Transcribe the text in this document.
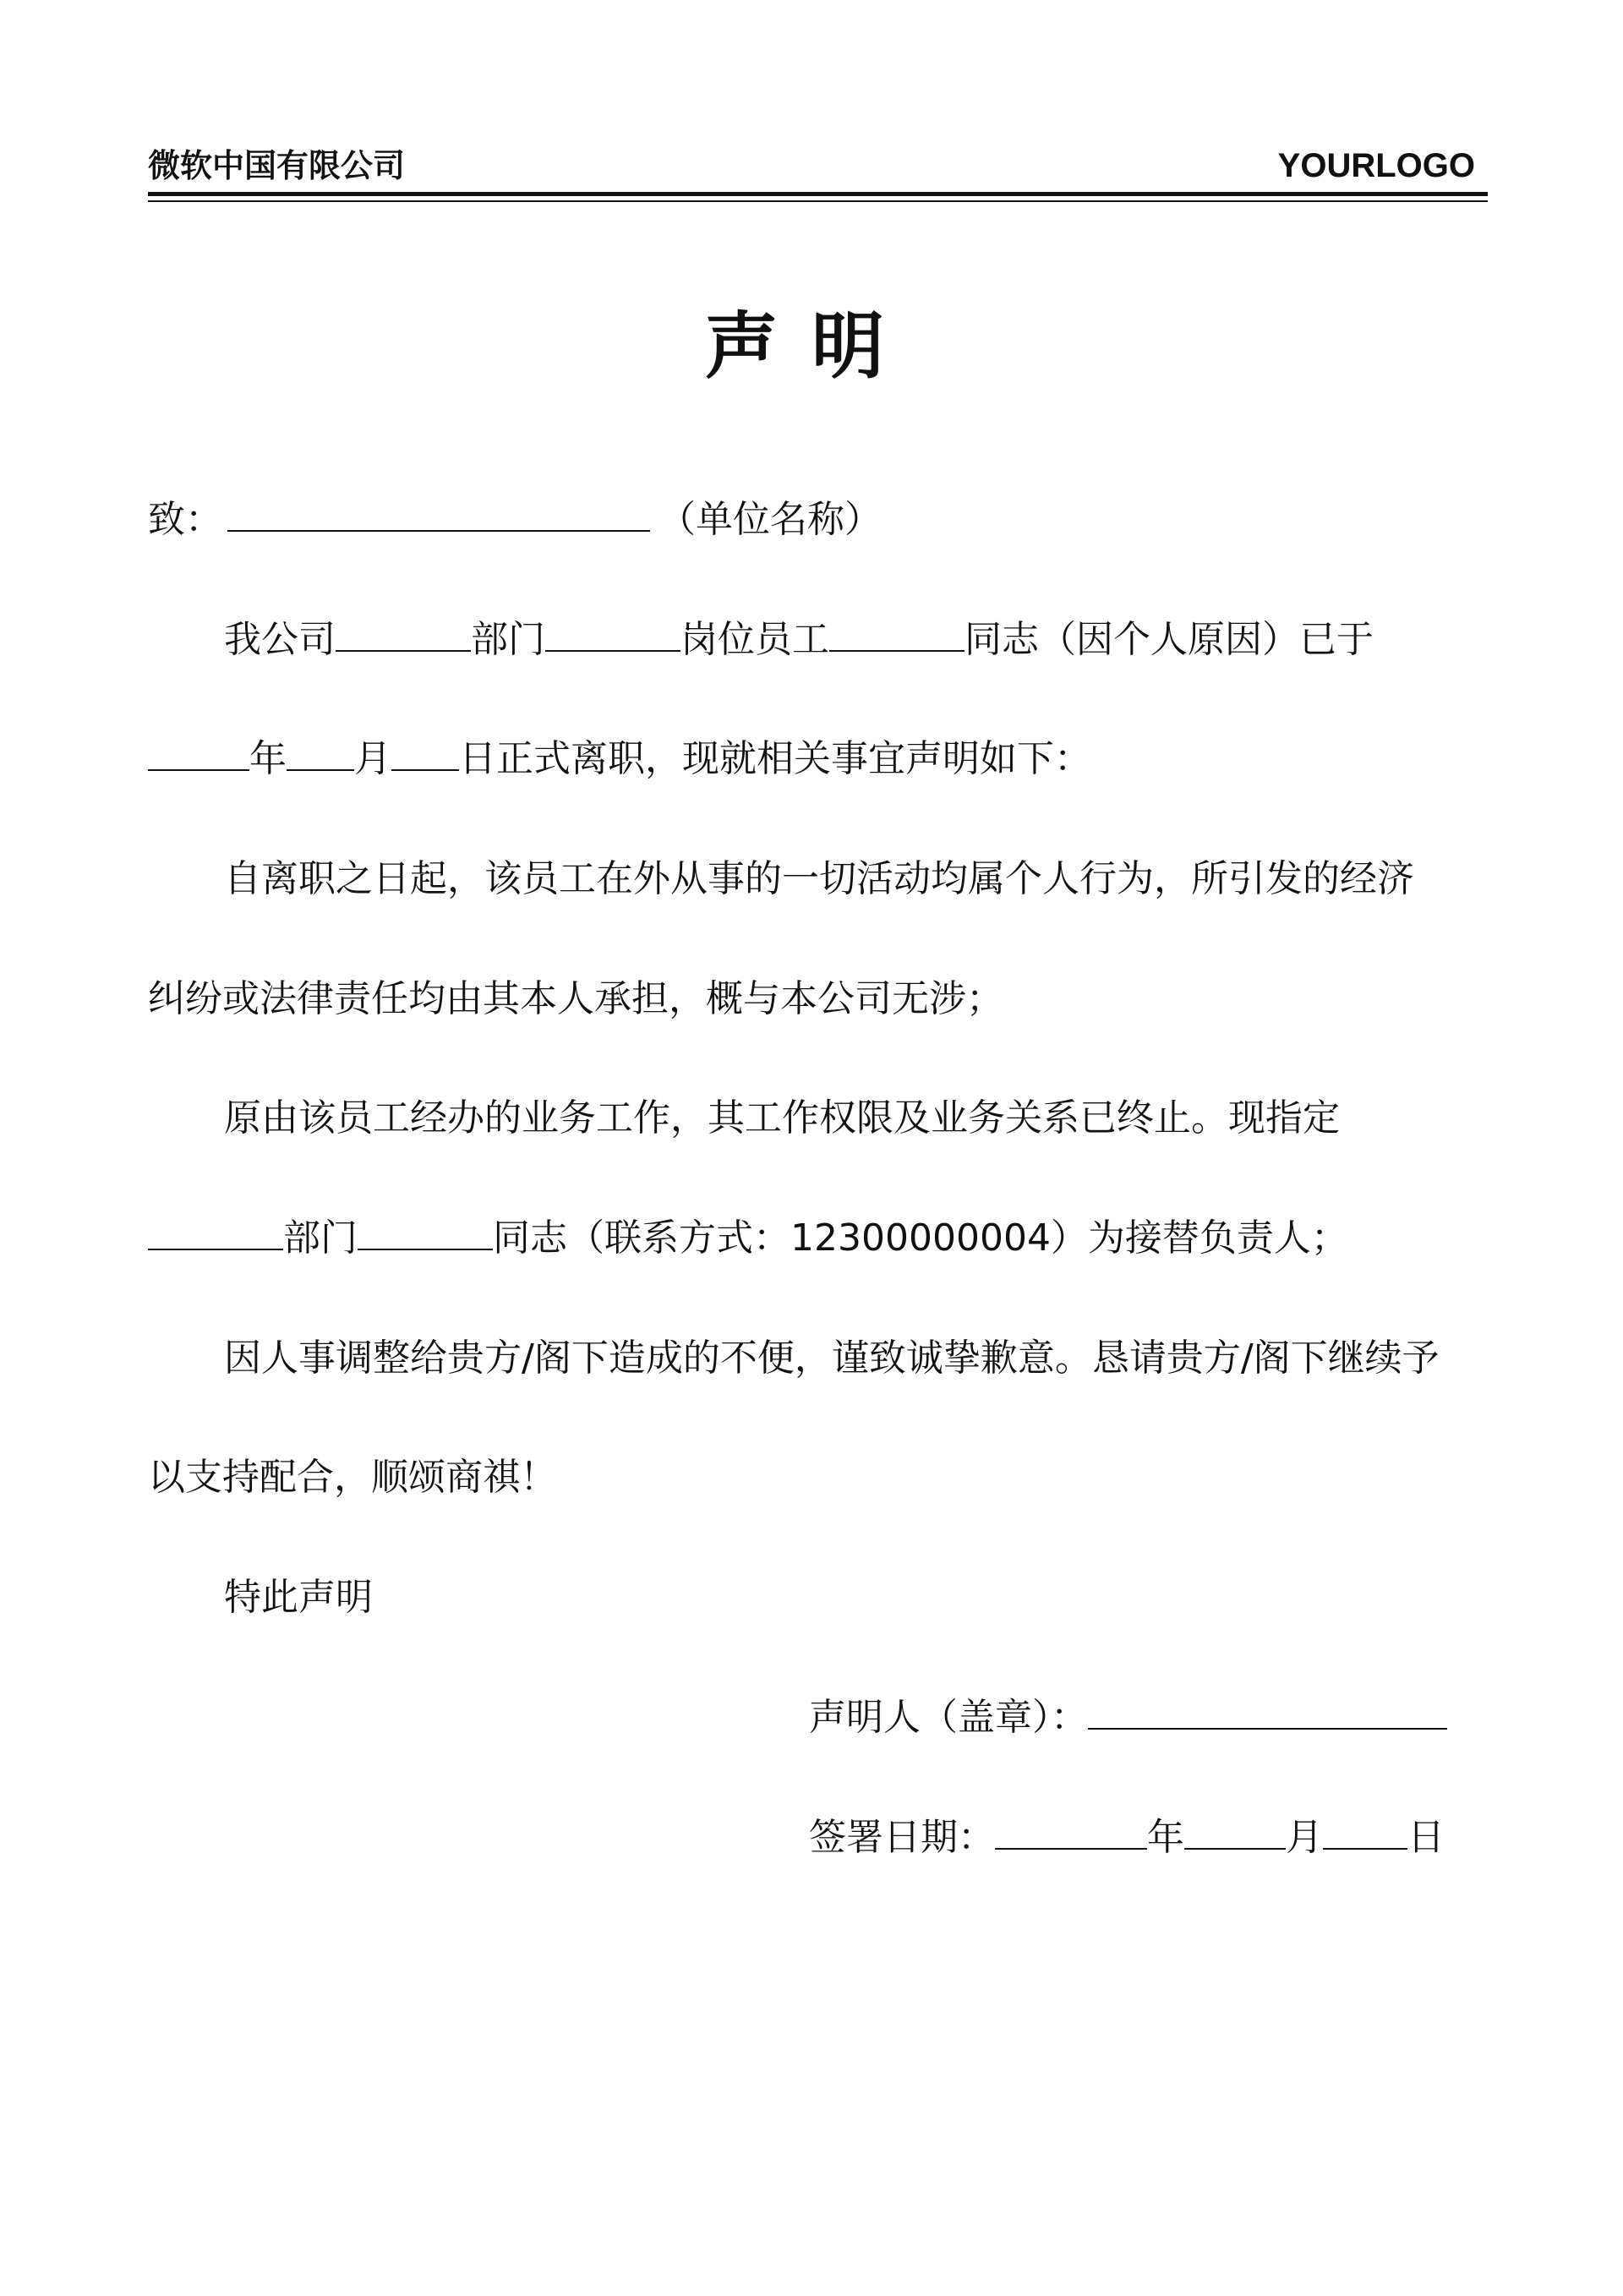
微软中国有限公司	YOURLOGO
声明
致：	（单位名称）
我公司	部门	岗位员工	同志（因个人原因）已于
年 月 日正式离职，现就相关事宜声明如下：
自离职之日起，该员工在外从事的一切活动均属个人行为，所引发的经济
纠纷或法律责任均由其本人承担，概与本公司无涉；
原由该员工经办的业务工作，其工作权限及业务关系已终止。现指定
部门	同志（联系方式：12300000004）为接替负责人；
因人事调整给贵方/阁下造成的不便，谨致诚挚歉意。恳请贵方/阁下继续予
以支持配合，顺颂商祺！
特此声明
声明人（盖章）：
签署日期：	年	月 日
